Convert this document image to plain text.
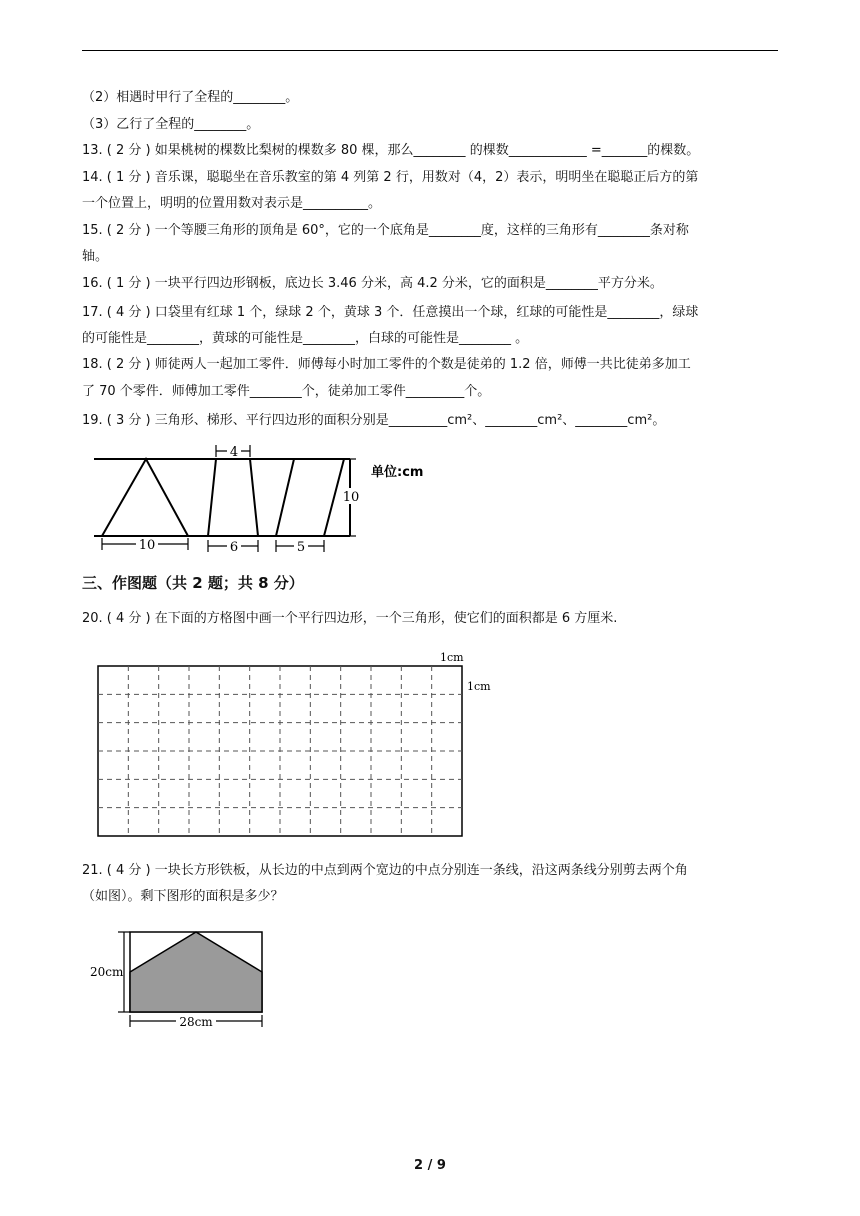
（2）相遇时甲行了全程的________。
（3）乙行了全程的________。
13. ( 2 分 ) 如果桃树的棵数比梨树的棵数多 80 棵，那么________ 的棵数____________ =_______的棵数。
14. ( 1 分 ) 音乐课，聪聪坐在音乐教室的第 4 列第 2 行，用数对（4，2）表示，明明坐在聪聪正后方的第
一个位置上，明明的位置用数对表示是__________。
15. ( 2 分 ) 一个等腰三角形的顶角是 60°，它的一个底角是________度，这样的三角形有________条对称
轴。
16. ( 1 分 ) 一块平行四边形钢板，底边长 3.46 分米，高 4.2 分米，它的面积是________平方分米。
17. ( 4 分 ) 口袋里有红球 1 个，绿球 2 个，黄球 3 个．任意摸出一个球，红球的可能性是________，绿球
的可能性是________，黄球的可能性是________，白球的可能性是________ 。
18. ( 2 分 ) 师徒两人一起加工零件．师傅每小时加工零件的个数是徒弟的 1.2 倍，师傅一共比徒弟多加工
了 70 个零件．师傅加工零件________个，徒弟加工零件_________个。
19. ( 3 分 ) 三角形、梯形、平行四边形的面积分别是_________cm²、________cm²、________cm²。
10	6	5
4
10
单位:cm
三、作图题（共 2 题；共 8 分）
20. ( 4 分 ) 在下面的方格图中画一个平行四边形，一个三角形，使它们的面积都是 6 方厘米.
1cm
1cm
21. ( 4 分 ) 一块长方形铁板，从长边的中点到两个宽边的中点分别连一条线，沿这两条线分别剪去两个角
（如图）。剩下图形的面积是多少？
20cm
28cm
2 / 9
